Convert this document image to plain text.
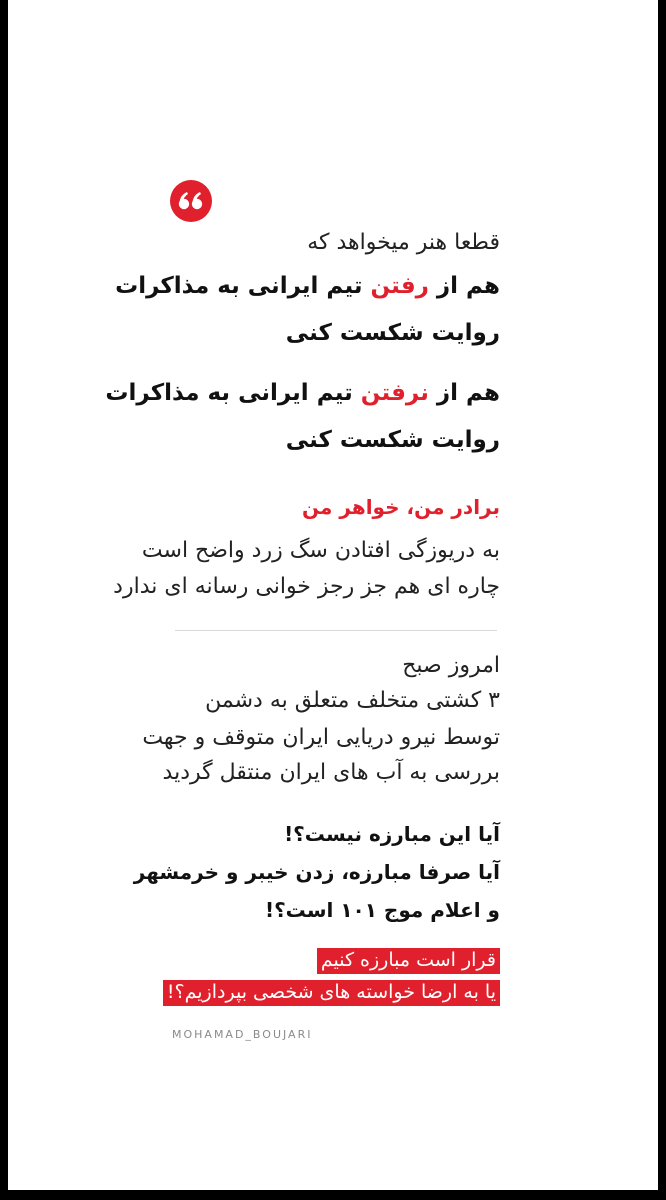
قطعا هنر میخواهد که
هم از رفتن تیم ایرانی به مذاکرات
روایت شکست کنی
هم از نرفتن تیم ایرانی به مذاکرات
روایت شکست کنی
برادر من، خواهر من
به دریوزگی افتادن سگ زرد واضح است
چاره ای هم جز رجز خوانی رسانه ای ندارد
امروز صبح
۳ کشتی متخلف متعلق به دشمن
توسط نیرو دریایی ایران متوقف و جهت
بررسی به آب های ایران منتقل گردید
آیا این مبارزه نیست؟!
آیا صرفا مبارزه، زدن خیبر و خرمشهر
و اعلام موج ۱۰۱ است؟!
قرار است مبارزه کنیم
یا به ارضا خواسته های شخصی بپردازیم؟!
MOHAMAD_BOUJARI
